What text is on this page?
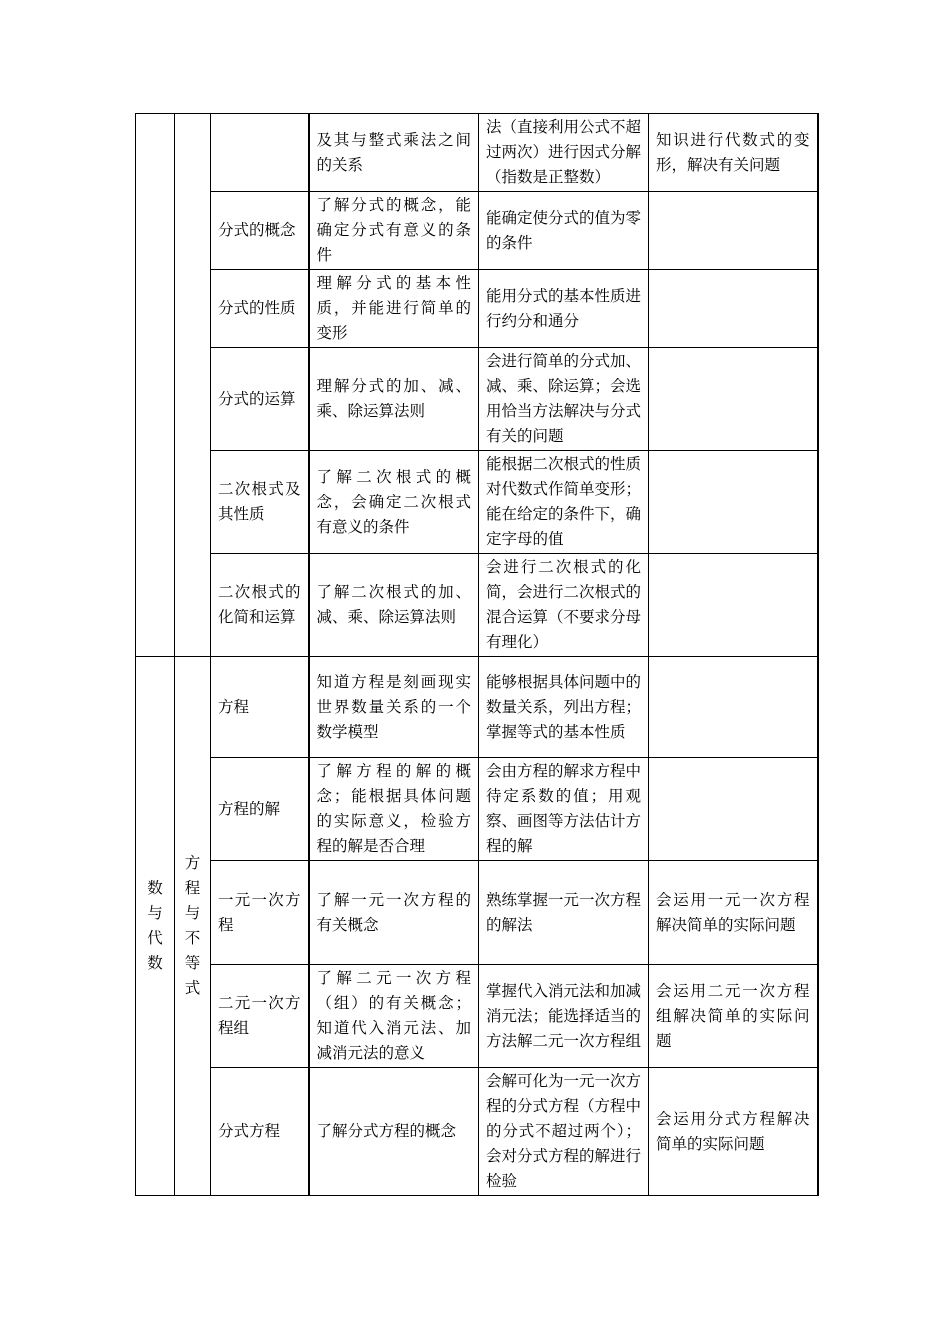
			及其与整式乘法之间的关系	法（直接利用公式不超过两次）进行因式分解（指数是正整数）	知识进行代数式的变形，解决有关问题
		分式的概念	了解分式的概念，能确定分式有意义的条件	能确定使分式的值为零的条件	
		分式的性质	理解分式的基本性质，并能进行简单的变形	能用分式的基本性质进行约分和通分	
		分式的运算	理解分式的加、减、乘、除运算法则	会进行简单的分式加、减、乘、除运算；会选用恰当方法解决与分式有关的问题	
		二次根式及其性质	了解二次根式的概念，会确定二次根式有意义的条件	能根据二次根式的性质对代数式作简单变形；能在给定的条件下，确定字母的值	
		二次根式的化简和运算	了解二次根式的加、减、乘、除运算法则	会进行二次根式的化简，会进行二次根式的混合运算（不要求分母有理化）	

数与代数	方程与不等式	方程	知道方程是刻画现实世界数量关系的一个数学模型	能够根据具体问题中的数量关系，列出方程；掌握等式的基本性质	
		方程的解	了解方程的解的概念；能根据具体问题的实际意义，检验方程的解是否合理	会由方程的解求方程中待定系数的值；用观察、画图等方法估计方程的解	
		一元一次方程	了解一元一次方程的有关概念	熟练掌握一元一次方程的解法	会运用一元一次方程解决简单的实际问题
		二元一次方程组	了解二元一次方程（组）的有关概念；知道代入消元法、加减消元法的意义	掌握代入消元法和加减消元法；能选择适当的方法解二元一次方程组	会运用二元一次方程组解决简单的实际问题
		分式方程	了解分式方程的概念	会解可化为一元一次方程的分式方程（方程中的分式不超过两个）；会对分式方程的解进行检验	会运用分式方程解决简单的实际问题
